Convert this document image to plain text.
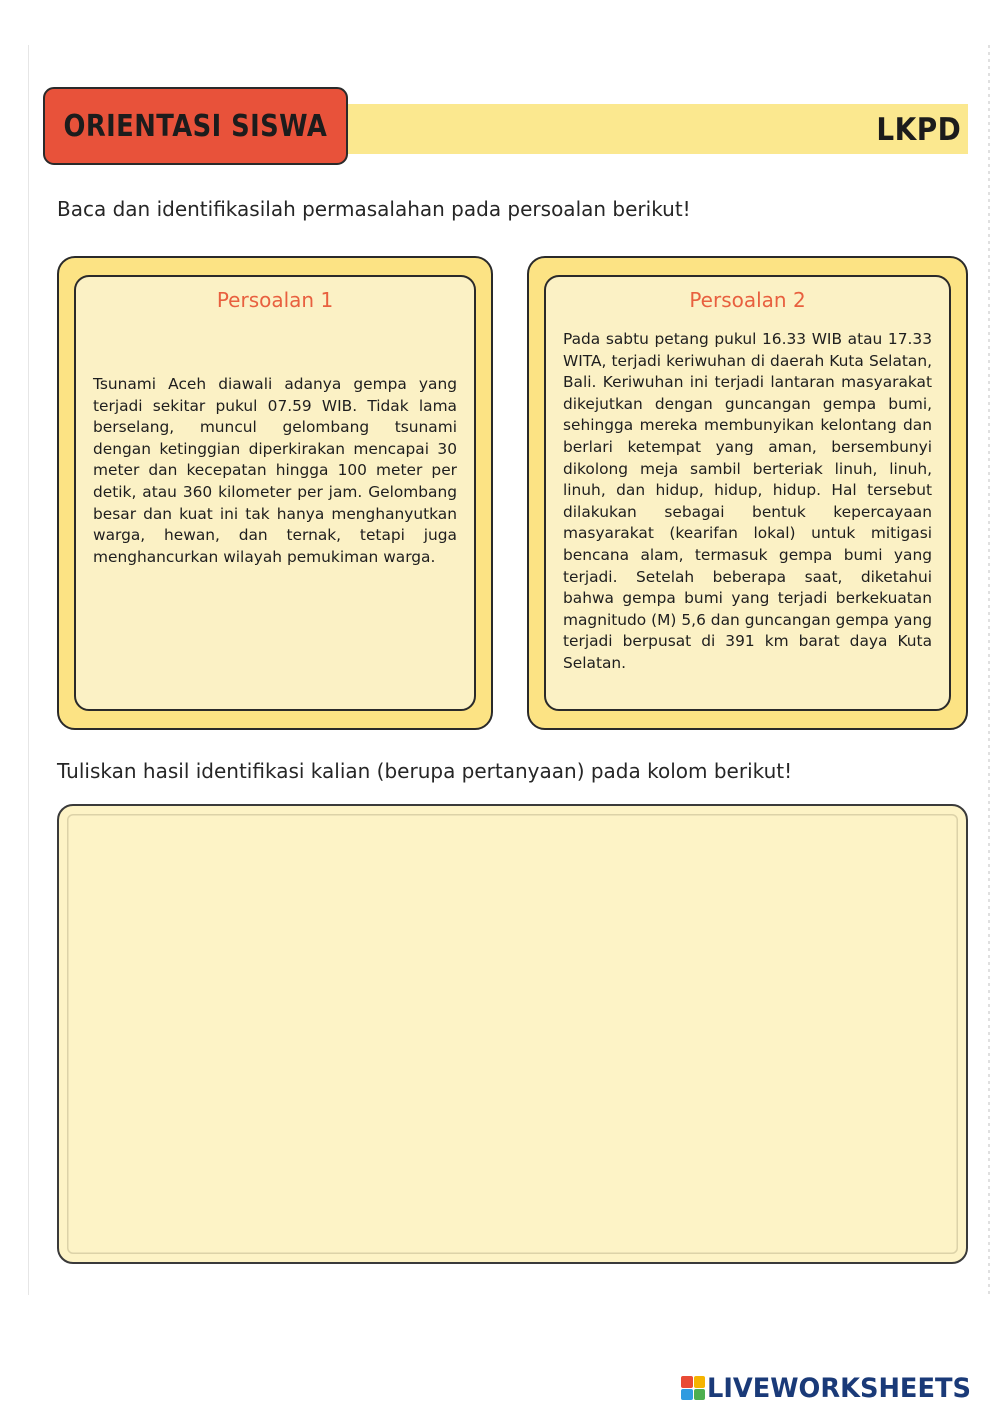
ORIENTASI SISWA	LKPD
Baca dan identifikasilah permasalahan pada persoalan berikut!
Persoalan 1
Tsunami Aceh diawali adanya gempa yang terjadi sekitar pukul 07.59 WIB. Tidak lama berselang, muncul gelombang tsunami dengan ketinggian diperkirakan mencapai 30 meter dan kecepatan hingga 100 meter per detik, atau 360 kilometer per jam. Gelombang besar dan kuat ini tak hanya menghanyutkan warga, hewan, dan ternak, tetapi juga menghancurkan wilayah pemukiman warga.
Persoalan 2
Pada sabtu petang pukul 16.33 WIB atau 17.33 WITA, terjadi keriwuhan di daerah Kuta Selatan, Bali. Keriwuhan ini terjadi lantaran masyarakat dikejutkan dengan guncangan gempa bumi, sehingga mereka membunyikan kelontang dan berlari ketempat yang aman, bersembunyi dikolong meja sambil berteriak linuh, linuh, linuh, dan hidup, hidup, hidup. Hal tersebut dilakukan sebagai bentuk kepercayaan masyarakat (kearifan lokal) untuk mitigasi bencana alam, termasuk gempa bumi yang terjadi. Setelah beberapa saat, diketahui bahwa gempa bumi yang terjadi berkekuatan magnitudo (M) 5,6 dan guncangan gempa yang terjadi berpusat di 391 km barat daya Kuta Selatan.
Tuliskan hasil identifikasi kalian (berupa pertanyaan) pada kolom berikut!
LIVEWORKSHEETS
